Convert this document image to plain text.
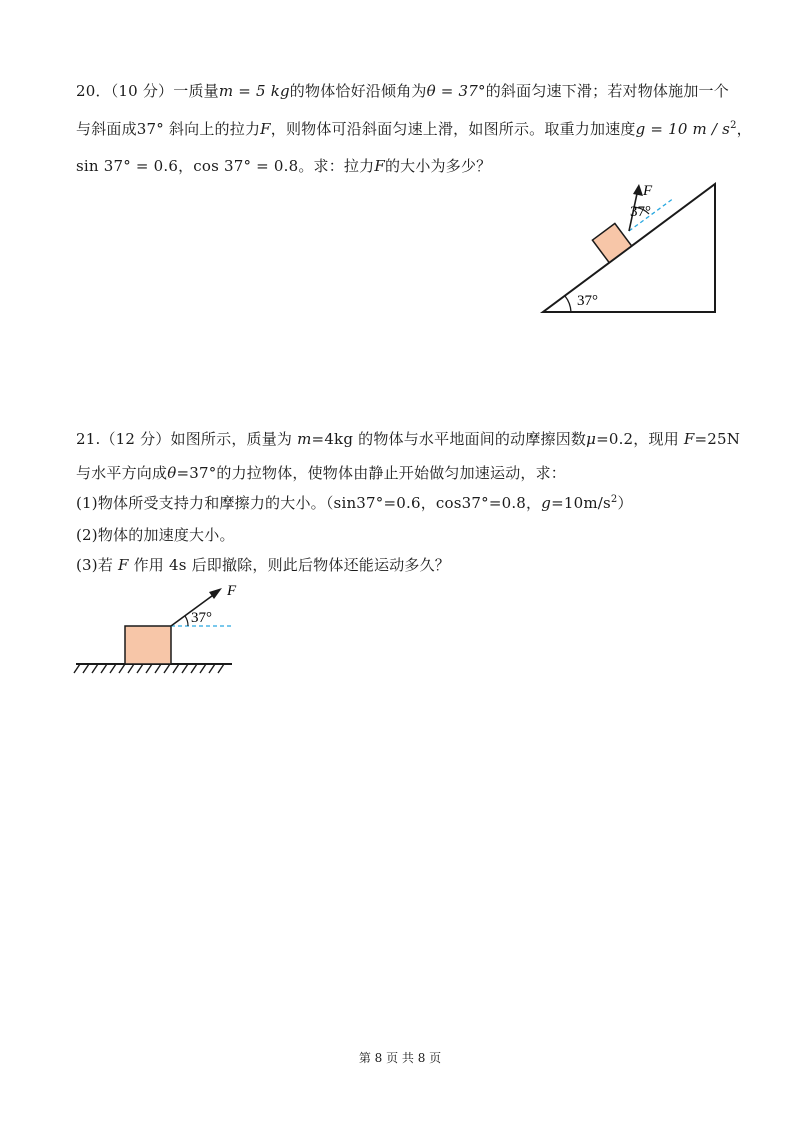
20．（10 分）一质量m = 5 kg的物体恰好沿倾角为θ = 37°的斜面匀速下滑；若对物体施加一个
与斜面成37° 斜向上的拉力F，则物体可沿斜面匀速上滑，如图所示。取重力加速度g = 10 m / $s^2$，
sin 37° = 0.6，cos 37° = 0.8。求：拉力F的大小为多少？
37°
F
37°
21.（12 分）如图所示，质量为 m=4kg 的物体与水平地面间的动摩擦因数μ=0.2，现用 F=25N
与水平方向成θ=37°的力拉物体，使物体由静止开始做匀加速运动，求：
(1)物体所受支持力和摩擦力的大小。（sin37°=0.6，cos37°=0.8，$g=10m/s^2$）
(2)物体的加速度大小。
(3)若 F 作用 4s 后即撤除，则此后物体还能运动多久？
F
37°
第 8 页 共 8 页
